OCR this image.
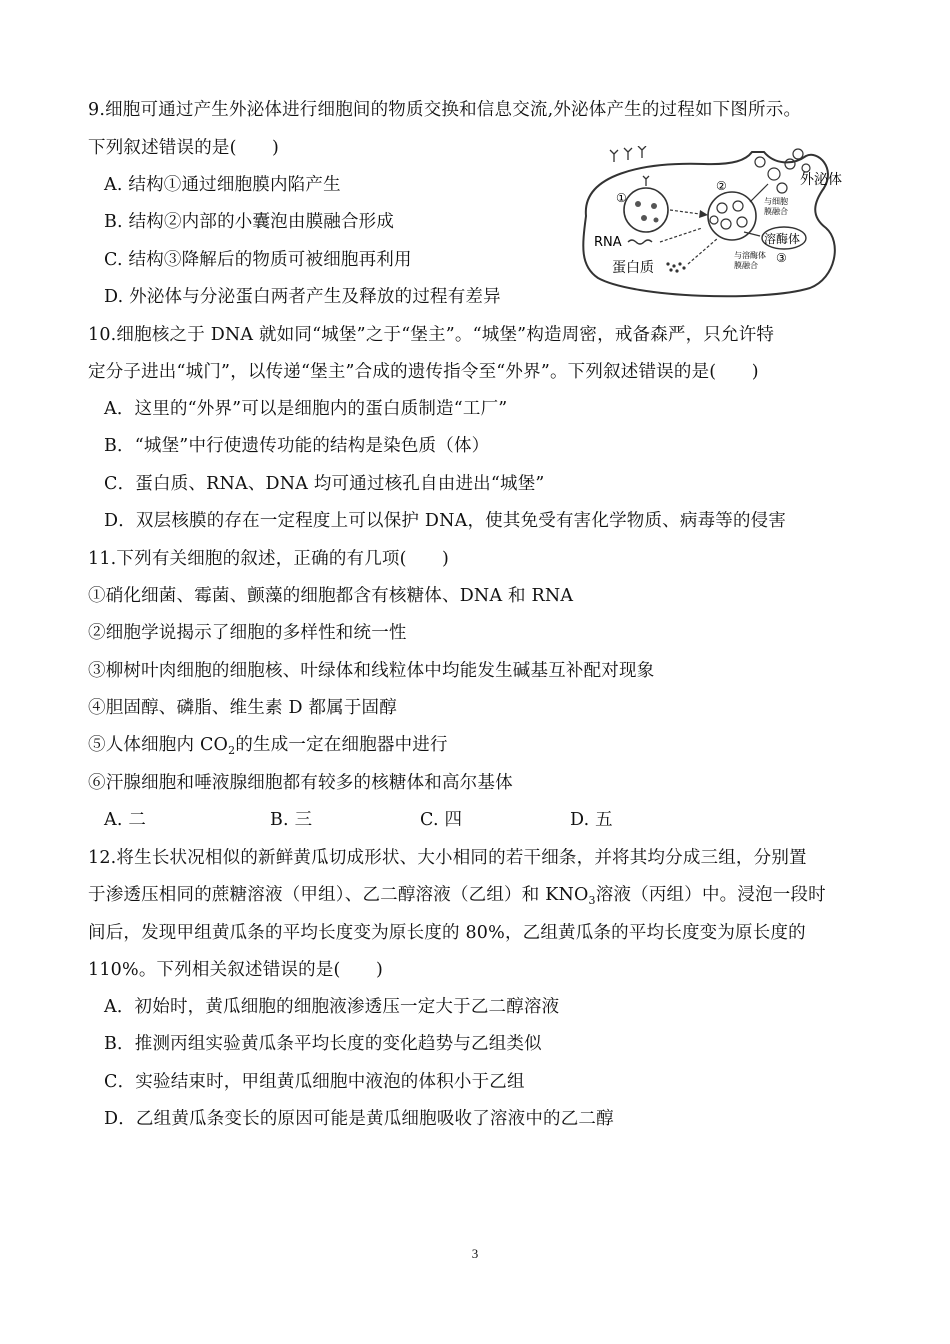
9.细胞可通过产生外泌体进行细胞间的物质交换和信息交流,外泌体产生的过程如下图所示。
下列叙述错误的是(　　)
A. 结构①通过细胞膜内陷产生
B. 结构②内部的小囊泡由膜融合形成
C. 结构③降解后的物质可被细胞再利用
D. 外泌体与分泌蛋白两者产生及释放的过程有差异
①
②	外泌体
与细胞
膜融合
RNA
蛋白质
溶酶体
与溶酶体
膜融合
③
10.细胞核之于 DNA 就如同“城堡”之于“堡主”。“城堡”构造周密，戒备森严，只允许特
定分子进出“城门”，以传递“堡主”合成的遗传指令至“外界”。下列叙述错误的是(　　)
A．这里的“外界”可以是细胞内的蛋白质制造“工厂”
B．“城堡”中行使遗传功能的结构是染色质（体）
C．蛋白质、RNA、DNA 均可通过核孔自由进出“城堡”
D．双层核膜的存在一定程度上可以保护 DNA，使其免受有害化学物质、病毒等的侵害
11.下列有关细胞的叙述，正确的有几项(　　)
①硝化细菌、霉菌、颤藻的细胞都含有核糖体、DNA 和 RNA
②细胞学说揭示了细胞的多样性和统一性
③柳树叶肉细胞的细胞核、叶绿体和线粒体中均能发生碱基互补配对现象
④胆固醇、磷脂、维生素 D 都属于固醇
⑤人体细胞内 $CO_2$的生成一定在细胞器中进行
⑥汗腺细胞和唾液腺细胞都有较多的核糖体和高尔基体
A. 二	B. 三	C. 四	D. 五
12.将生长状况相似的新鲜黄瓜切成形状、大小相同的若干细条，并将其均分成三组，分别置
于渗透压相同的蔗糖溶液（甲组）、乙二醇溶液（乙组）和 $KNO_3$溶液（丙组）中。浸泡一段时
间后，发现甲组黄瓜条的平均长度变为原长度的 80%，乙组黄瓜条的平均长度变为原长度的
110%。下列相关叙述错误的是(　　)
A．初始时，黄瓜细胞的细胞液渗透压一定大于乙二醇溶液
B．推测丙组实验黄瓜条平均长度的变化趋势与乙组类似
C．实验结束时，甲组黄瓜细胞中液泡的体积小于乙组
D．乙组黄瓜条变长的原因可能是黄瓜细胞吸收了溶液中的乙二醇
3
